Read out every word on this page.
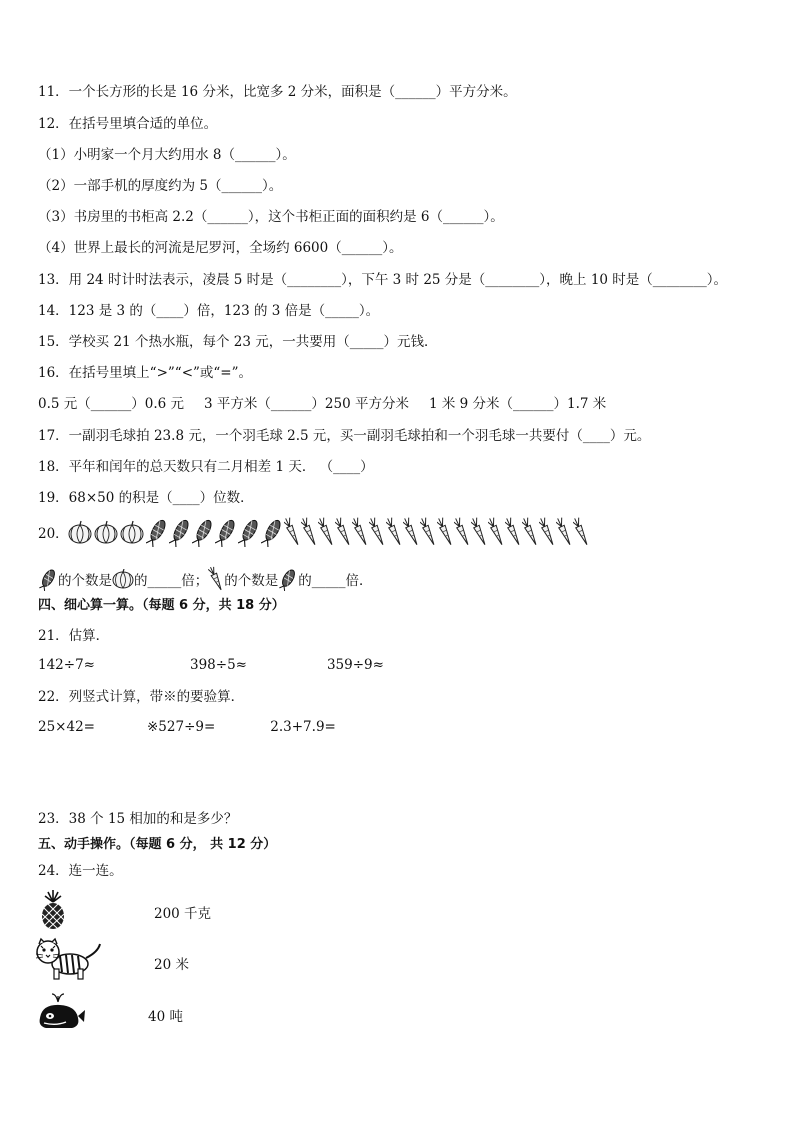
11．一个长方形的长是 16 分米，比宽多 2 分米，面积是（______）平方分米。
12．在括号里填合适的单位。
（1）小明家一个月大约用水 8（______）。
（2）一部手机的厚度约为 5（______）。
（3）书房里的书柜高 2.2（______），这个书柜正面的面积约是 6（______）。
（4）世界上最长的河流是尼罗河，全场约 6600（______）。
13．用 24 时计时法表示，凌晨 5 时是（________），下午 3 时 25 分是（________），晚上 10 时是（________）。
14．123 是 3 的（____）倍，123 的 3 倍是（_____）。
15．学校买 21 个热水瓶，每个 23 元，一共要用（_____）元钱．
16．在括号里填上“>”“<”或“=”。
0.5 元（______）0.6 元 3 平方米（______）250 平方分米 1 米 9 分米（______）1.7 米
17．一副羽毛球拍 23.8 元，一个羽毛球 2.5 元，买一副羽毛球拍和一个羽毛球一共要付（____）元。
18．平年和闰年的总天数只有二月相差 1 天． （____）
19．68×50 的积是（____）位数．
20．
的个数是 的_____倍； 的个数是 的_____倍．
四、细心算一算。（每题 6 分，共 18 分）
21．估算．
142÷7≈	398÷5≈	359÷9≈
22．列竖式计算，带※的要验算．
25×42=	※527÷9=	2.3+7.9=
23．38 个 15 相加的和是多少？
五、动手操作。（每题 6 分， 共 12 分）
24．连一连。
200 千克
20 米
40 吨
